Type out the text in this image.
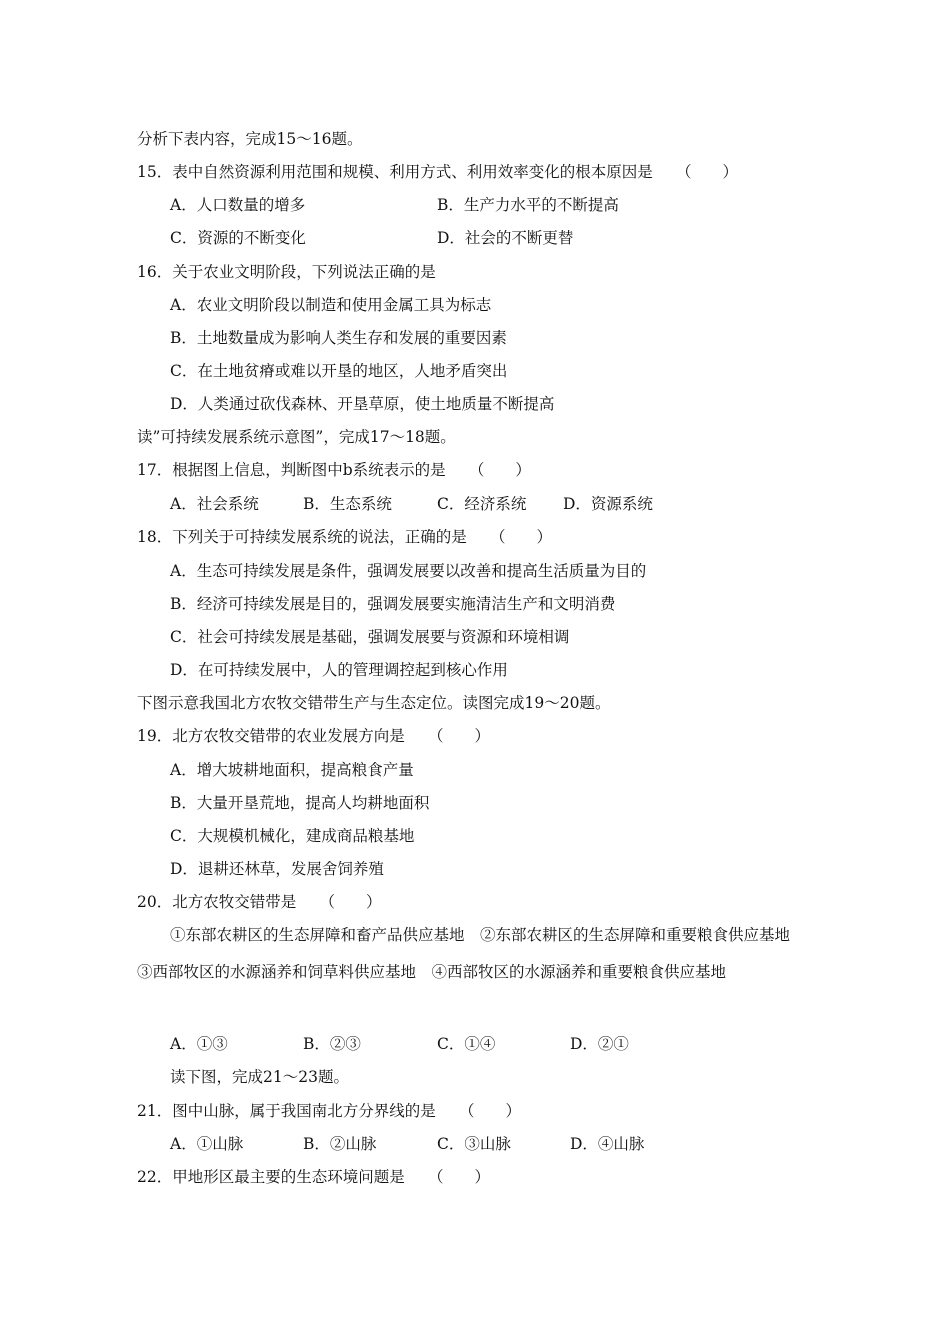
分析下表内容，完成15～16题。
15．表中自然资源利用范围和规模、利用方式、利用效率变化的根本原因是　　（　　）
A．人口数量的增多	B．生产力水平的不断提高
C．资源的不断变化	D．社会的不断更替
16．关于农业文明阶段，下列说法正确的是
A．农业文明阶段以制造和使用金属工具为标志
B．土地数量成为影响人类生存和发展的重要因素
C．在土地贫瘠或难以开垦的地区，人地矛盾突出
D．人类通过砍伐森林、开垦草原，使土地质量不断提高
读”可持续发展系统示意图”，完成17～18题。
17．根据图上信息，判断图中b系统表示的是　　（　　）
A．社会系统	B．生态系统	C．经济系统 D．资源系统
18．下列关于可持续发展系统的说法，正确的是　　（　　）
A．生态可持续发展是条件，强调发展要以改善和提高生活质量为目的
B．经济可持续发展是目的，强调发展要实施清洁生产和文明消费
C．社会可持续发展是基础，强调发展要与资源和环境相调
D．在可持续发展中，人的管理调控起到核心作用
下图示意我国北方农牧交错带生产与生态定位。读图完成19～20题。
19．北方农牧交错带的农业发展方向是　　（　　）
A．增大坡耕地面积，提高粮食产量
B．大量开垦荒地，提高人均耕地面积
C．大规模机械化，建成商品粮基地
D．退耕还林草，发展舍饲养殖
20．北方农牧交错带是　　（　　）
①东部农耕区的生态屏障和畜产品供应基地　②东部农耕区的生态屏障和重要粮食供应基地　③西部牧区的水源涵养和饲草料供应基地　④西部牧区的水源涵养和重要粮食供应基地
A．①③	B．②③	C．①④	D．②①
读下图，完成21～23题。
21．图中山脉，属于我国南北方分界线的是　　（　　）
A．①山脉	B．②山脉	C．③山脉	D．④山脉
22．甲地形区最主要的生态环境问题是　　（　　）
